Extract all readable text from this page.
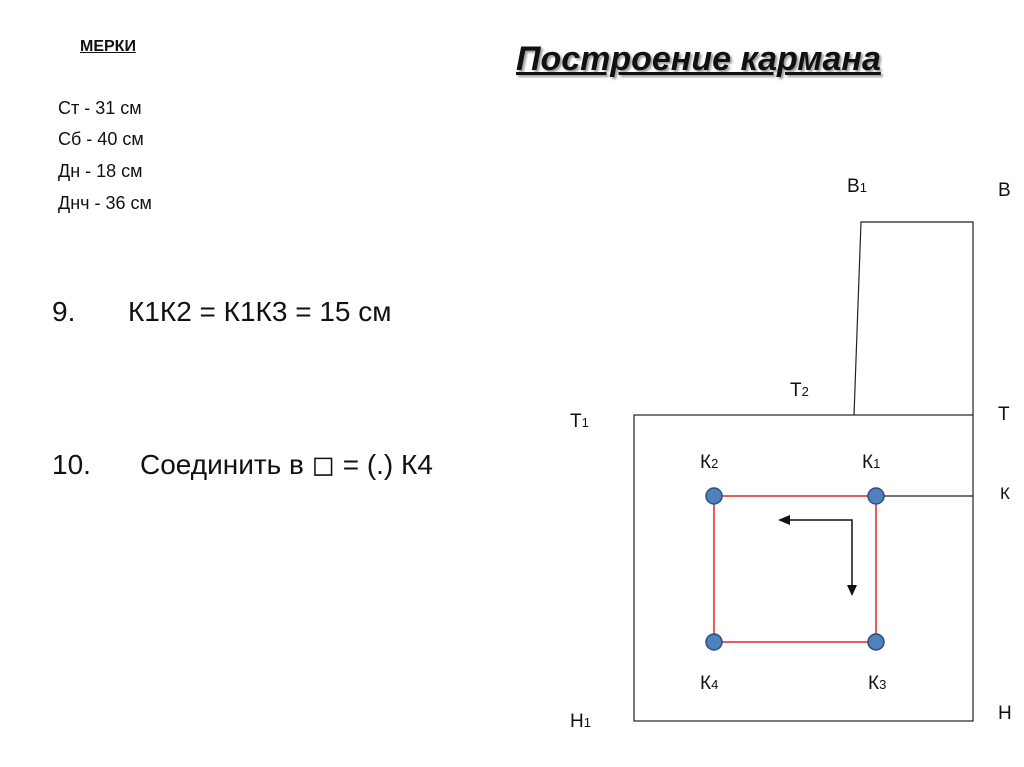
МЕРКИ
Ст - 31 см
Сб - 40 см
Дн - 18 см
Днч - 36 см
Построение кармана
9. К1К2 = К1К3 = 15 см
10. Соединить в ◻ = (.) К4
В1	В
Т2
Т1	Т
К2	К1
К
К4	К3
Н1	Н
